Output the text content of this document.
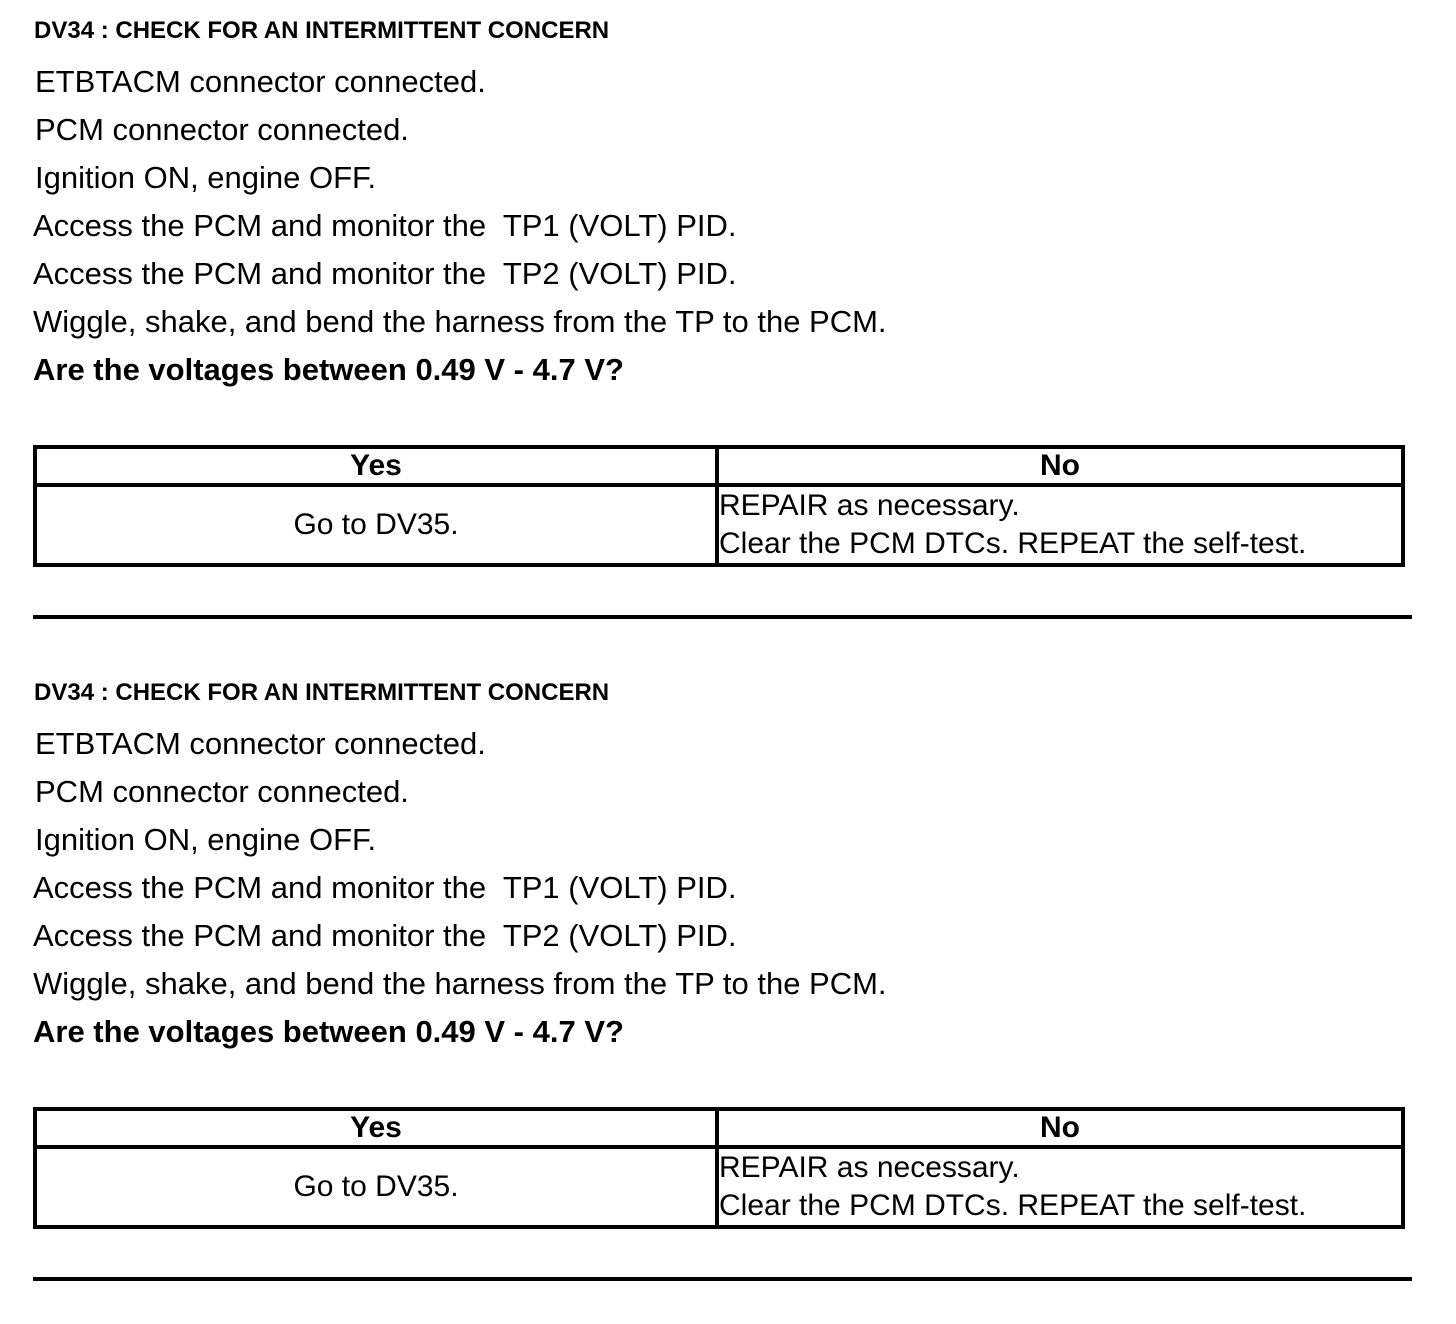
DV34 : CHECK FOR AN INTERMITTENT CONCERN
ETBTACM connector connected.
PCM connector connected.
Ignition ON, engine OFF.
Access the PCM and monitor the  TP1 (VOLT) PID.
Access the PCM and monitor the  TP2 (VOLT) PID.
Wiggle, shake, and bend the harness from the TP to the PCM.
Are the voltages between 0.49 V - 4.7 V?
Yes	No
Go to DV35.	REPAIR as necessary.
Clear the PCM DTCs. REPEAT the self-test.
DV34 : CHECK FOR AN INTERMITTENT CONCERN
ETBTACM connector connected.
PCM connector connected.
Ignition ON, engine OFF.
Access the PCM and monitor the  TP1 (VOLT) PID.
Access the PCM and monitor the  TP2 (VOLT) PID.
Wiggle, shake, and bend the harness from the TP to the PCM.
Are the voltages between 0.49 V - 4.7 V?
Yes	No
Go to DV35.	REPAIR as necessary.
Clear the PCM DTCs. REPEAT the self-test.
